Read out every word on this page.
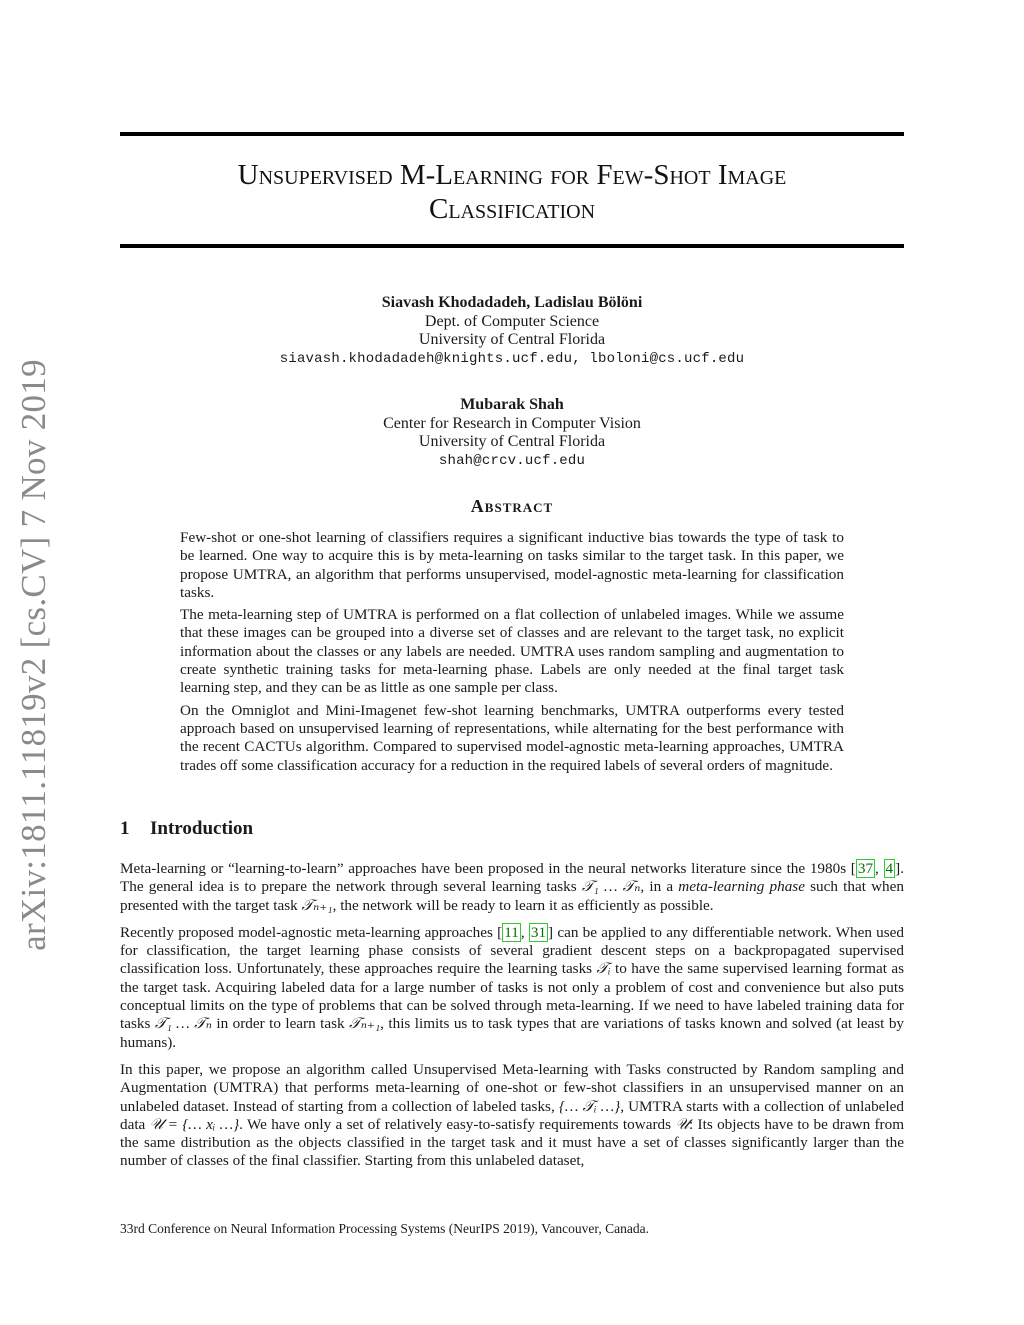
arXiv:1811.11819v2 [cs.CV] 7 Nov 2019
Unsupervised M-Learning for Few-Shot Image
Classification
Siavash Khodadadeh, Ladislau Bölöni
Dept. of Computer Science
University of Central Florida
siavash.khodadadeh@knights.ucf.edu, lboloni@cs.ucf.edu
Mubarak Shah
Center for Research in Computer Vision
University of Central Florida
shah@crcv.ucf.edu
Abstract

Few-shot or one-shot learning of classifiers requires a significant inductive bias towards the type of task to be learned. One way to acquire this is by meta-learning on tasks similar to the target task. In this paper, we propose UMTRA, an algorithm that performs unsupervised, model-agnostic meta-learning for classification tasks.

The meta-learning step of UMTRA is performed on a flat collection of unlabeled images. While we assume that these images can be grouped into a diverse set of classes and are relevant to the target task, no explicit information about the classes or any labels are needed. UMTRA uses random sampling and augmentation to create synthetic training tasks for meta-learning phase. Labels are only needed at the final target task learning step, and they can be as little as one sample per class.

On the Omniglot and Mini-Imagenet few-shot learning benchmarks, UMTRA outperforms every tested approach based on unsupervised learning of representations, while alternating for the best performance with the recent CACTUs algorithm. Compared to supervised model-agnostic meta-learning approaches, UMTRA trades off some classification accuracy for a reduction in the required labels of several orders of magnitude.

1 Introduction

Meta-learning or “learning-to-learn” approaches have been proposed in the neural networks literature since the 1980s [ 37 , 4 ]. The general idea is to prepare the network through several learning tasks 𝒯₁ … 𝒯ₙ, in a meta-learning phase such that when presented with the target task 𝒯ₙ₊₁, the network will be ready to learn it as efficiently as possible.

Recently proposed model-agnostic meta-learning approaches [ 11 , 31 ] can be applied to any differentiable network. When used for classification, the target learning phase consists of several gradient descent steps on a backpropagated supervised classification loss. Unfortunately, these approaches require the learning tasks 𝒯ᵢ to have the same supervised learning format as the target task. Acquiring labeled data for a large number of tasks is not only a problem of cost and convenience but also puts conceptual limits on the type of problems that can be solved through meta-learning. If we need to have labeled training data for tasks 𝒯₁ … 𝒯ₙ in order to learn task 𝒯ₙ₊₁, this limits us to task types that are variations of tasks known and solved (at least by humans).

In this paper, we propose an algorithm called Unsupervised Meta-learning with Tasks constructed by Random sampling and Augmentation (UMTRA) that performs meta-learning of one-shot or few-shot classifiers in an unsupervised manner on an unlabeled dataset. Instead of starting from a collection of labeled tasks, {… 𝒯ᵢ …}, UMTRA starts with a collection of unlabeled data 𝒰 = {… xᵢ …}. We have only a set of relatively easy-to-satisfy requirements towards 𝒰: Its objects have to be drawn from the same distribution as the objects classified in the target task and it must have a set of classes significantly larger than the number of classes of the final classifier. Starting from this unlabeled dataset,

33rd Conference on Neural Information Processing Systems (NeurIPS 2019), Vancouver, Canada.
